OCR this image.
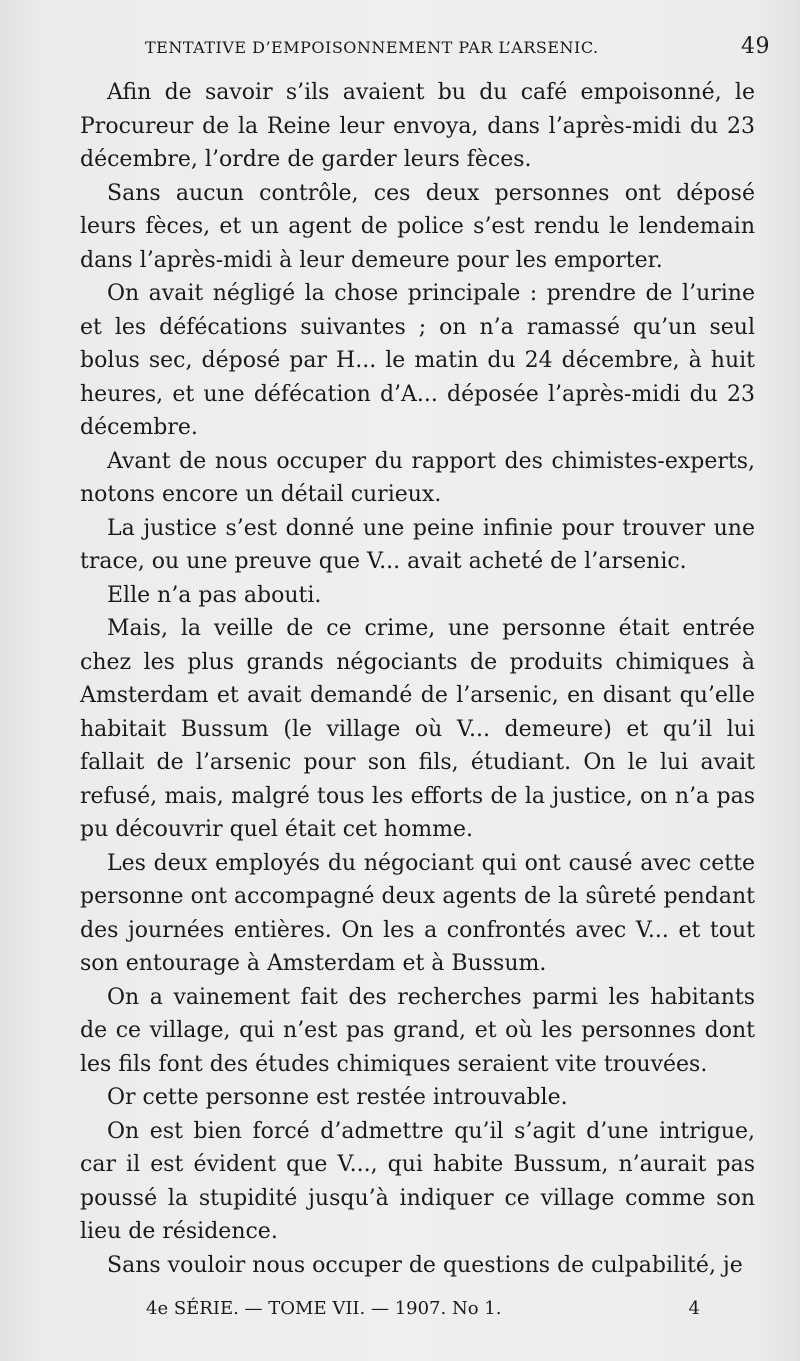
TENTATIVE D’EMPOISONNEMENT PAR L’ARSENIC.	49

Afin de savoir s’ils avaient bu du café empoisonné, le Procureur de la Reine leur envoya, dans l’après-midi du 23 décembre, l’ordre de garder leurs fèces.

Sans aucun contrôle, ces deux personnes ont déposé leurs fèces, et un agent de police s’est rendu le lendemain dans l’après-midi à leur demeure pour les emporter.

On avait négligé la chose principale : prendre de l’urine et les défécations suivantes ; on n’a ramassé qu’un seul bolus sec, déposé par H... le matin du 24 décembre, à huit heures, et une défécation d’A... déposée l’après-midi du 23 décembre.

Avant de nous occuper du rapport des chimistes-experts, notons encore un détail curieux.

La justice s’est donné une peine infinie pour trouver une trace, ou une preuve que V... avait acheté de l’arsenic.

Elle n’a pas abouti.

Mais, la veille de ce crime, une personne était entrée chez les plus grands négociants de produits chimiques à Amsterdam et avait demandé de l’arsenic, en disant qu’elle habitait Bussum (le village où V... demeure) et qu’il lui fallait de l’arsenic pour son fils, étudiant. On le lui avait refusé, mais, malgré tous les efforts de la justice, on n’a pas pu découvrir quel était cet homme.

Les deux employés du négociant qui ont causé avec cette personne ont accompagné deux agents de la sûreté pendant des journées entières. On les a confrontés avec V... et tout son entourage à Amsterdam et à Bussum.

On a vainement fait des recherches parmi les habitants de ce village, qui n’est pas grand, et où les personnes dont les fils font des études chimiques seraient vite trouvées.

Or cette personne est restée introuvable.

On est bien forcé d’admettre qu’il s’agit d’une intrigue, car il est évident que V..., qui habite Bussum, n’aurait pas poussé la stupidité jusqu’à indiquer ce village comme son lieu de résidence.

Sans vouloir nous occuper de questions de culpabilité, je

4e SÉRIE. — TOME VII. — 1907. No 1.	4
